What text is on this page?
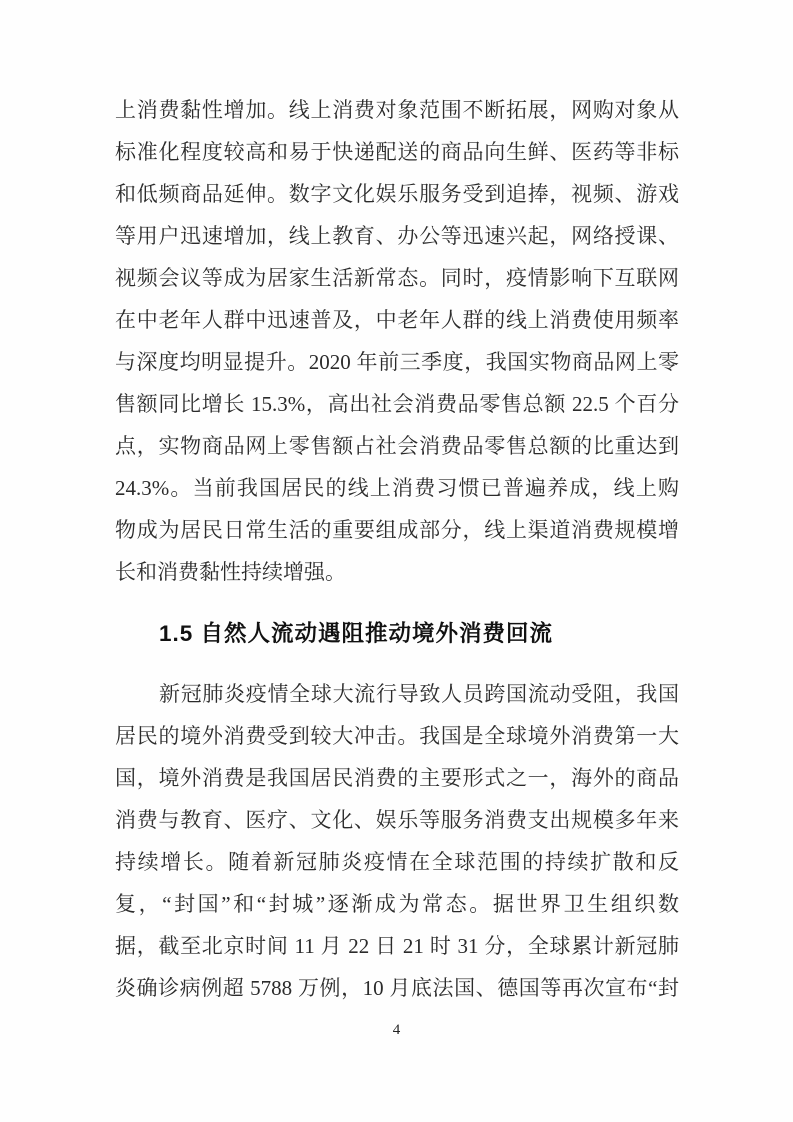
上消费黏性增加。线上消费对象范围不断拓展，网购对象从
标准化程度较高和易于快递配送的商品向生鲜、医药等非标
和低频商品延伸。数字文化娱乐服务受到追捧，视频、游戏
等用户迅速增加，线上教育、办公等迅速兴起，网络授课、
视频会议等成为居家生活新常态。同时，疫情影响下互联网
在中老年人群中迅速普及，中老年人群的线上消费使用频率
与深度均明显提升。2020 年前三季度，我国实物商品网上零
售额同比增长 15.3%，高出社会消费品零售总额 22.5 个百分
点，实物商品网上零售额占社会消费品零售总额的比重达到
24.3%。当前我国居民的线上消费习惯已普遍养成，线上购
物成为居民日常生活的重要组成部分，线上渠道消费规模增
长和消费黏性持续增强。
1.5 自然人流动遇阻推动境外消费回流
新冠肺炎疫情全球大流行导致人员跨国流动受阻，我国
居民的境外消费受到较大冲击。我国是全球境外消费第一大
国，境外消费是我国居民消费的主要形式之一，海外的商品
消费与教育、医疗、文化、娱乐等服务消费支出规模多年来
持续增长。随着新冠肺炎疫情在全球范围的持续扩散和反
复，“封国”和“封城”逐渐成为常态。据世界卫生组织数
据，截至北京时间 11 月 22 日 21 时 31 分，全球累计新冠肺
炎确诊病例超 5788 万例，10 月底法国、德国等再次宣布“封
4
